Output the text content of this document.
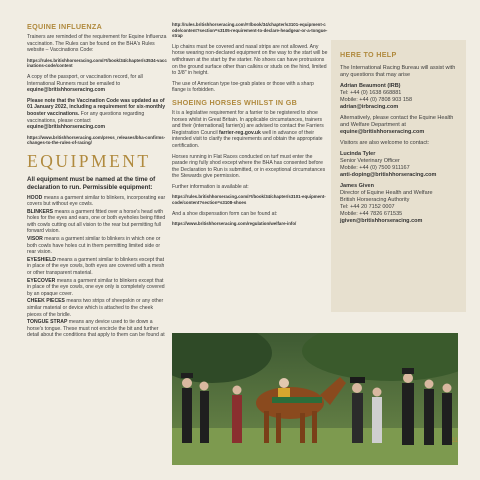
EQUINE INFLUENZA

Trainers are reminded of the requirement for Equine Influenza vaccination. The Rules can be found on the BHA's Rules website – Vaccinations Code:

https://rules.britishhorseracing.com/#!/book/34/chapter/s3534-vaccinations-code/content

A copy of the passport, or vaccination record, for all International Runners must be emailed to equine@britishhorseracing.com

Please note that the Vaccination Code was updated as of 01 January 2022, including a requirement for six-monthly booster vaccinations. For any questions regarding vaccinations, please contact equine@britishhorseracing.com

https://www.britishhorseracing.com/press_releases/bha-confirms-changes-to-the-rules-of-racing/
EQUIPMENT
All equipment must be named at the time of declaration to run. Permissible equipment:

HOOD means a garment similar to blinkers, incorporating ear covers but without eye cowls.

BLINKERS means a garment fitted over a horse's head with holes for the eyes and ears, one or both eyeholes being fitted with cowls cutting out all vision to the rear but permitting full forward vision.

VISOR means a garment similar to blinkers in which one or both cowls have holes cut in them permitting limited side or rear vision.

EYESHIELD means a garment similar to blinkers except that in place of the eye cowls, both eyes are covered with a mesh or other transparent material.

EYECOVER means a garment similar to blinkers except that in place of the eye cowls, one eye only is completely covered by an opaque cover.

CHEEK PIECES means two strips of sheepskin or any other similar material or device which is attached to the cheek pieces of the bridle.

TONGUE STRAP means any device used to tie down a horse's tongue. These must not encircle the bit and further detail about the conditions that apply to them can be found at

http://rules.britishhorseracing.com/#!/book/34/chapter/s3101-equipment-code/content?section=s3105-requirement-to-declare-headgear-or-a-tongue-strap

Lip chains must be covered and nasal strips are not allowed. Any horse wearing non-declared equipment on the way to the start will be withdrawn at the start by the starter. No shoes can have protrusions on the ground surface other than calkins or studs on the hind, limited to 3/8" in height.

The use of American type toe-grab plates or those with a sharp flange is forbidden.

SHOEING HORSES WHILST IN GB

It is a legislative requirement for a farrier to be registered to shoe horses whilst in Great Britain. In applicable circumstances, trainers and their (international) farrier(s) are advised to contact the Farriers Registration Council farrier-reg.gov.uk well in advance of their intended visit to clarify the requirements and obtain the appropriate certification.

Horses running in Flat Races conducted on turf must enter the parade ring fully shod except where the BHA has consented before the Declaration to Run is submitted, or in exceptional circumstances the Stewards give permission.

Further information is available at:

https://rules.britishhorseracing.com/#!/book/34/chapter/s3101-equipment-code/content?section=s3108-shoes

And a shoe dispensation form can be found at:

https://www.britishhorseracing.com/regulation/welfare-info/
HERE TO HELP

The International Racing Bureau will assist with any questions that may arise

Adrian Beaumont (IRB)
Tel: +44 (0) 1638 668881
Mobile: +44 (0) 7808 903 158
adrian@irbracing.com

Alternatively, please contact the Equine Health and Welfare Department at equine@britishhorseracing.com

Visitors are also welcome to contact:

Lucinda Tyler
Senior Veterinary Officer
Mobile: +44 (0) 7500 911167
anti-doping@britishhorseracing.com

James Given
Director of Equine Health and Welfare
British Horseracing Authority
Tel: +44 20 7152 0007
Mobile: +44 7826 671535
jgiven@britishhorseracing.com

11
